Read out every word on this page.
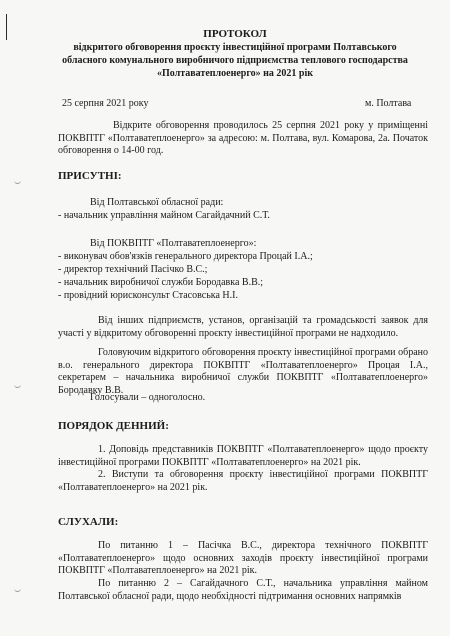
ПРОТОКОЛ
відкритого обговорення проєкту інвестиційної програми Полтавського
обласного комунального виробничого підприємства теплового господарства
«Полтаватеплоенерго» на 2021 рік
25 серпня 2021 року	м. Полтава
Відкрите обговорення проводилось 25 серпня 2021 року у приміщенні ПОКВПТГ «Полтаватеплоенерго» за адресою: м. Полтава, вул. Комарова, 2а. Початок обговорення о 14-00 год.
ПРИСУТНІ:
Від Полтавської обласної ради:
- начальник управління майном Сагайдачний С.Т.
Від ПОКВПТГ «Полтаватеплоенерго»:
- виконувач обов'язків генерального директора Процай І.А.;
- директор технічний Пасічко В.С.;
- начальник виробничої служби Бородавка В.В.;
- провідний юрисконсульт Стасовська Н.І.
Від інших підприємств, установ, організацій та громадськості заявок для участі у відкритому обговоренні проєкту інвестиційної програми не надходило.
Головуючим відкритого обговорення проєкту інвестиційної програми обрано в.о. генерального директора ПОКВПТГ «Полтаватеплоенерго» Процая І.А., секретарем – начальника виробничої служби ПОКВПТГ «Полтаватеплоенерго» Бородавку В.В.
Голосували – одноголосно.
ПОРЯДОК ДЕННИЙ:
1. Доповідь представників ПОКВПТГ «Полтаватеплоенерго» щодо проєкту інвестиційної програми ПОКВПТГ «Полтаватеплоенерго» на 2021 рік.
2. Виступи та обговорення проєкту інвестиційної програми ПОКВПТГ «Полтаватеплоенерго» на 2021 рік.
СЛУХАЛИ:
По питанню 1 – Пасічка В.С., директора технічного ПОКВПТГ «Полтаватеплоенерго» щодо основних заходів проєкту інвестиційної програми ПОКВПТГ «Полтаватеплоенерго» на 2021 рік.
По питанню 2 – Сагайдачного С.Т., начальника управління майном Полтавської обласної ради, щодо необхідності підтримання основних напрямків
